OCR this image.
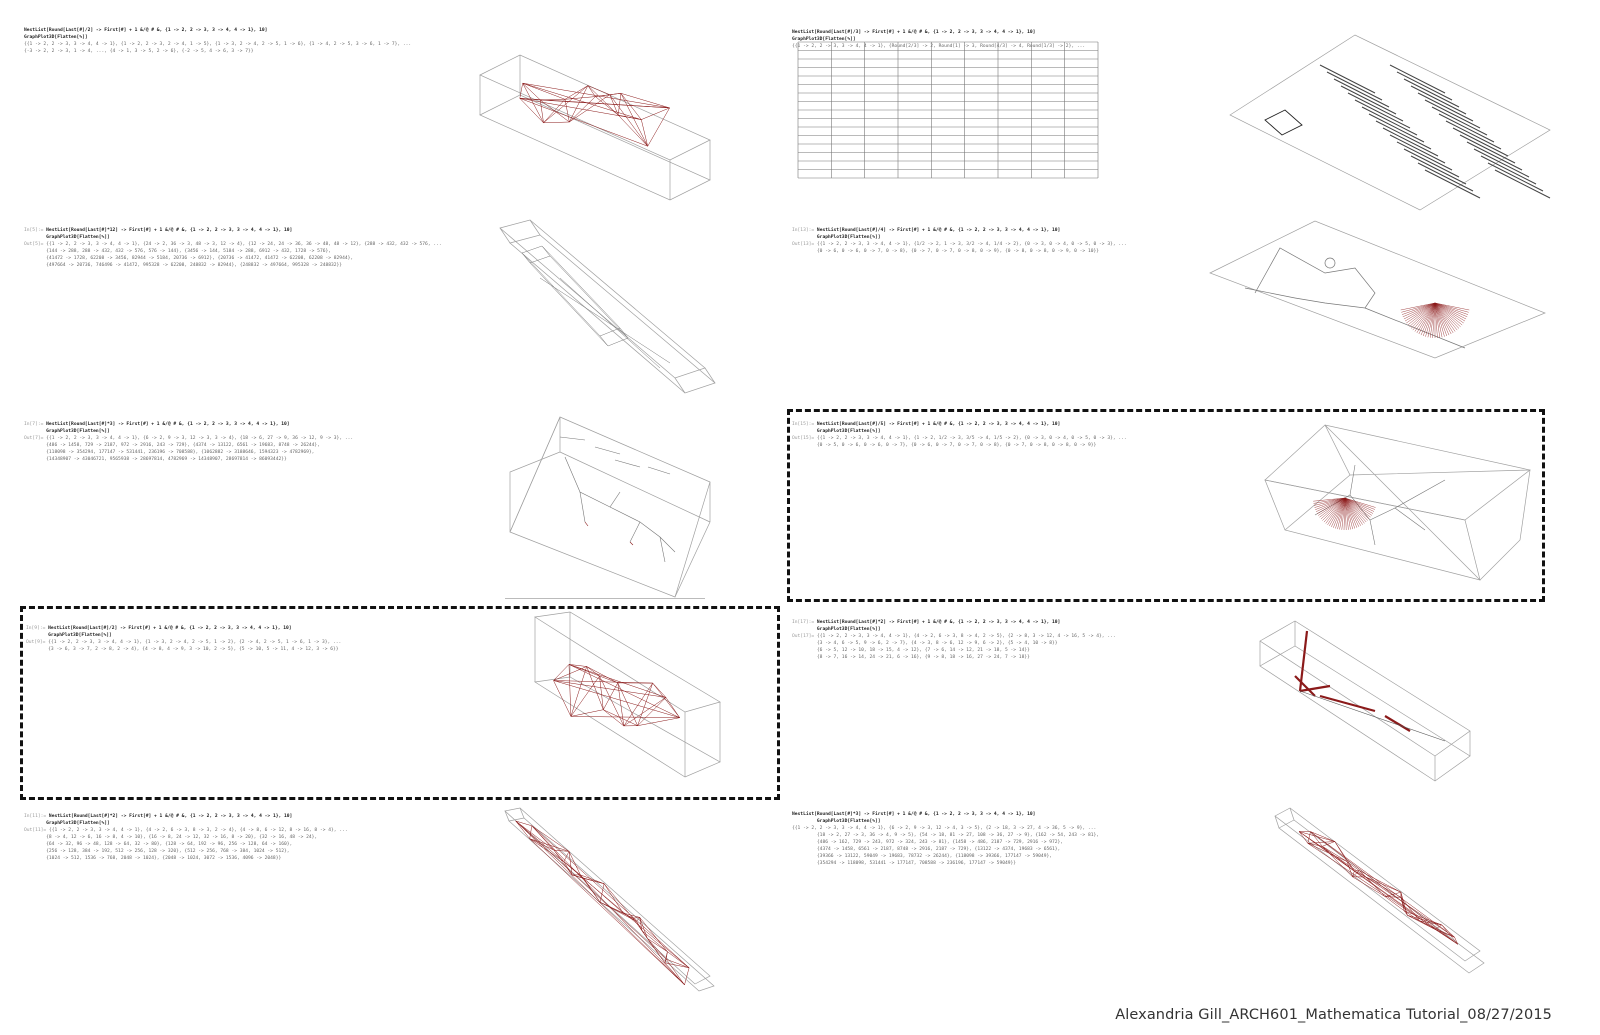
NestList[Round[Last[#]/2] -> First[#] + 1 &/@ # &, {1 -> 2, 2 -> 3, 3 -> 4, 4 -> 1}, 10]
GraphPlot3D[Flatten[%]]
{{1 -> 2, 2 -> 3, 3 -> 4, 4 -> 1}, {1 -> 2, 2 -> 3, 2 -> 4, 1 -> 5}, {1 -> 3, 2 -> 4, 2 -> 5, 1 -> 6}, {1 -> 4, 2 -> 5, 3 -> 6, 1 -> 7}, ...
{-3 -> 2, 2 -> 3, 1 -> 4, ..., {4 -> 1, 3 -> 5, 2 -> 6}, {-2 -> 5, 4 -> 6, 3 -> 7}}

In[5]:= NestList[Round[Last[#]*12] -> First[#] + 1 &/@ # &, {1 -> 2, 2 -> 3, 3 -> 4, 4 -> 1}, 10]
GraphPlot3D[Flatten[%]]
Out[5]= {{1 -> 2, 2 -> 3, 3 -> 4, 4 -> 1}, {24 -> 2, 36 -> 3, 48 -> 3, 12 -> 4}, {12 -> 24, 24 -> 36, 36 -> 48, 48 -> 12}, {288 -> 432, 432 -> 576, ...
{144 -> 288, 288 -> 432, 432 -> 576, 576 -> 144}, {3456 -> 144, 5184 -> 288, 6912 -> 432, 1728 -> 576},
{41472 -> 1728, 62208 -> 3456, 82944 -> 5184, 20736 -> 6912}, {20736 -> 41472, 41472 -> 62208, 62208 -> 82944},
{497664 -> 20736, 746496 -> 41472, 995328 -> 62208, 248832 -> 82944}, {248832 -> 497664, 995328 -> 248832}}

In[7]:= NestList[Round[Last[#]*3] -> First[#] + 1 &/@ # &, {1 -> 2, 2 -> 3, 3 -> 4, 4 -> 1}, 10]
GraphPlot3D[Flatten[%]]
Out[7]= {{1 -> 2, 2 -> 3, 3 -> 4, 4 -> 1}, {6 -> 2, 9 -> 3, 12 -> 3, 3 -> 4}, {18 -> 6, 27 -> 9, 36 -> 12, 9 -> 3}, ...
{486 -> 1458, 729 -> 2187, 972 -> 2916, 243 -> 729}, {4374 -> 13122, 6561 -> 19683, 8748 -> 26244},
{118098 -> 354294, 177147 -> 531441, 236196 -> 708588}, {1062882 -> 3188646, 1594323 -> 4782969},
{14348907 -> 43046721, 9565938 -> 28697814, 4782969 -> 14348907, 28697814 -> 86093442}}

In[9]:= NestList[Round[Last[#]/2] -> First[#] + 1 &/@ # &, {1 -> 2, 2 -> 3, 3 -> 4, 4 -> 1}, 10]
GraphPlot3D[Flatten[%]]
Out[9]= {{1 -> 2, 2 -> 3, 3 -> 4, 4 -> 1}, {1 -> 3, 2 -> 4, 2 -> 5, 1 -> 2}, {2 -> 4, 2 -> 5, 1 -> 6, 1 -> 3}, ...
{3 -> 6, 3 -> 7, 2 -> 8, 2 -> 4}, {4 -> 8, 4 -> 9, 3 -> 10, 2 -> 5}, {5 -> 10, 5 -> 11, 4 -> 12, 3 -> 6}}

In[11]:= NestList[Round[Last[#]*2] -> First[#] + 1 &/@ # &, {1 -> 2, 2 -> 3, 3 -> 4, 4 -> 1}, 10]
GraphPlot3D[Flatten[%]]
Out[11]= {{1 -> 2, 2 -> 3, 3 -> 4, 4 -> 1}, {4 -> 2, 6 -> 3, 8 -> 3, 2 -> 4}, {4 -> 8, 6 -> 12, 8 -> 16, 8 -> 4}, ...
{8 -> 4, 12 -> 6, 16 -> 8, 4 -> 10}, {16 -> 8, 24 -> 12, 32 -> 16, 8 -> 20}, {32 -> 16, 48 -> 24},
{64 -> 32, 96 -> 48, 128 -> 64, 32 -> 80}, {128 -> 64, 192 -> 96, 256 -> 128, 64 -> 160},
{256 -> 128, 384 -> 192, 512 -> 256, 128 -> 320}, {512 -> 256, 768 -> 384, 1024 -> 512},
{1024 -> 512, 1536 -> 768, 2048 -> 1024}, {2048 -> 1024, 3072 -> 1536, 4096 -> 2048}}

NestList[Round[Last[#]/3] -> First[#] + 1 &/@ # &, {1 -> 2, 2 -> 3, 3 -> 4, 4 -> 1}, 10]
GraphPlot3D[Flatten[%]]
{{1 -> 2, 2 -> 3, 3 -> 4, 4 -> 1}, {Round[2/3] -> 2, Round[1] -> 3, Round[4/3] -> 4, Round[1/3] -> 2}, ...

In[13]:= NestList[Round[Last[#]/4] -> First[#] + 1 &/@ # &, {1 -> 2, 2 -> 3, 3 -> 4, 4 -> 1}, 10]
GraphPlot3D[Flatten[%]]
Out[13]= {{1 -> 2, 2 -> 3, 3 -> 4, 4 -> 1}, {1/2 -> 2, 1 -> 3, 3/2 -> 4, 1/4 -> 2}, {0 -> 3, 0 -> 4, 0 -> 5, 0 -> 3}, ...
{0 -> 6, 0 -> 6, 0 -> 7, 0 -> 8}, {0 -> 7, 0 -> 7, 0 -> 8, 0 -> 9}, {0 -> 8, 0 -> 8, 0 -> 9, 0 -> 10}}

In[15]:= NestList[Round[Last[#]/5] -> First[#] + 1 &/@ # &, {1 -> 2, 2 -> 3, 3 -> 4, 4 -> 1}, 10]
GraphPlot3D[Flatten[%]]
Out[15]= {{1 -> 2, 2 -> 3, 3 -> 4, 4 -> 1}, {1 -> 2, 1/2 -> 3, 3/5 -> 4, 1/5 -> 2}, {0 -> 3, 0 -> 4, 0 -> 5, 0 -> 3}, ...
{0 -> 5, 0 -> 6, 0 -> 6, 0 -> 7}, {0 -> 6, 0 -> 7, 0 -> 7, 0 -> 8}, {0 -> 7, 0 -> 8, 0 -> 8, 0 -> 9}}

In[17]:= NestList[Round[Last[#]*2] -> First[#] + 1 &/@ # &, {1 -> 2, 2 -> 3, 3 -> 4, 4 -> 1}, 10]
GraphPlot3D[Flatten[%]]
Out[17]= {{1 -> 2, 2 -> 3, 3 -> 4, 4 -> 1}, {4 -> 2, 6 -> 3, 8 -> 4, 2 -> 5}, {2 -> 8, 3 -> 12, 4 -> 16, 5 -> 4}, ...
{3 -> 4, 6 -> 5, 9 -> 6, 2 -> 7}, {4 -> 3, 8 -> 6, 12 -> 9, 6 -> 2}, {5 -> 4, 10 -> 8}}
{6 -> 5, 12 -> 10, 18 -> 15, 4 -> 12}, {7 -> 6, 14 -> 12, 21 -> 18, 5 -> 14}}
{8 -> 7, 16 -> 14, 24 -> 21, 6 -> 16}, {9 -> 8, 18 -> 16, 27 -> 24, 7 -> 18}}

NestList[Round[Last[#]*3] -> First[#] + 1 &/@ # &, {1 -> 2, 2 -> 3, 3 -> 4, 4 -> 1}, 10]
GraphPlot3D[Flatten[%]]
{{1 -> 2, 2 -> 3, 3 -> 4, 4 -> 1}, {6 -> 2, 9 -> 3, 12 -> 4, 3 -> 5}, {2 -> 18, 3 -> 27, 4 -> 36, 5 -> 9}, ...
{18 -> 2, 27 -> 3, 36 -> 4, 9 -> 5}, {54 -> 18, 81 -> 27, 108 -> 36, 27 -> 9}, {162 -> 54, 243 -> 81},
{486 -> 162, 729 -> 243, 972 -> 324, 243 -> 81}, {1458 -> 486, 2187 -> 729, 2916 -> 972},
{4374 -> 1458, 6561 -> 2187, 8748 -> 2916, 2187 -> 729}, {13122 -> 4374, 19683 -> 6561},
{39366 -> 13122, 59049 -> 19683, 78732 -> 26244}, {118098 -> 39366, 177147 -> 59049},
{354294 -> 118098, 531441 -> 177147, 708588 -> 236196, 177147 -> 59049}}

Alexandria Gill_ARCH601_Mathematica Tutorial_08/27/2015
